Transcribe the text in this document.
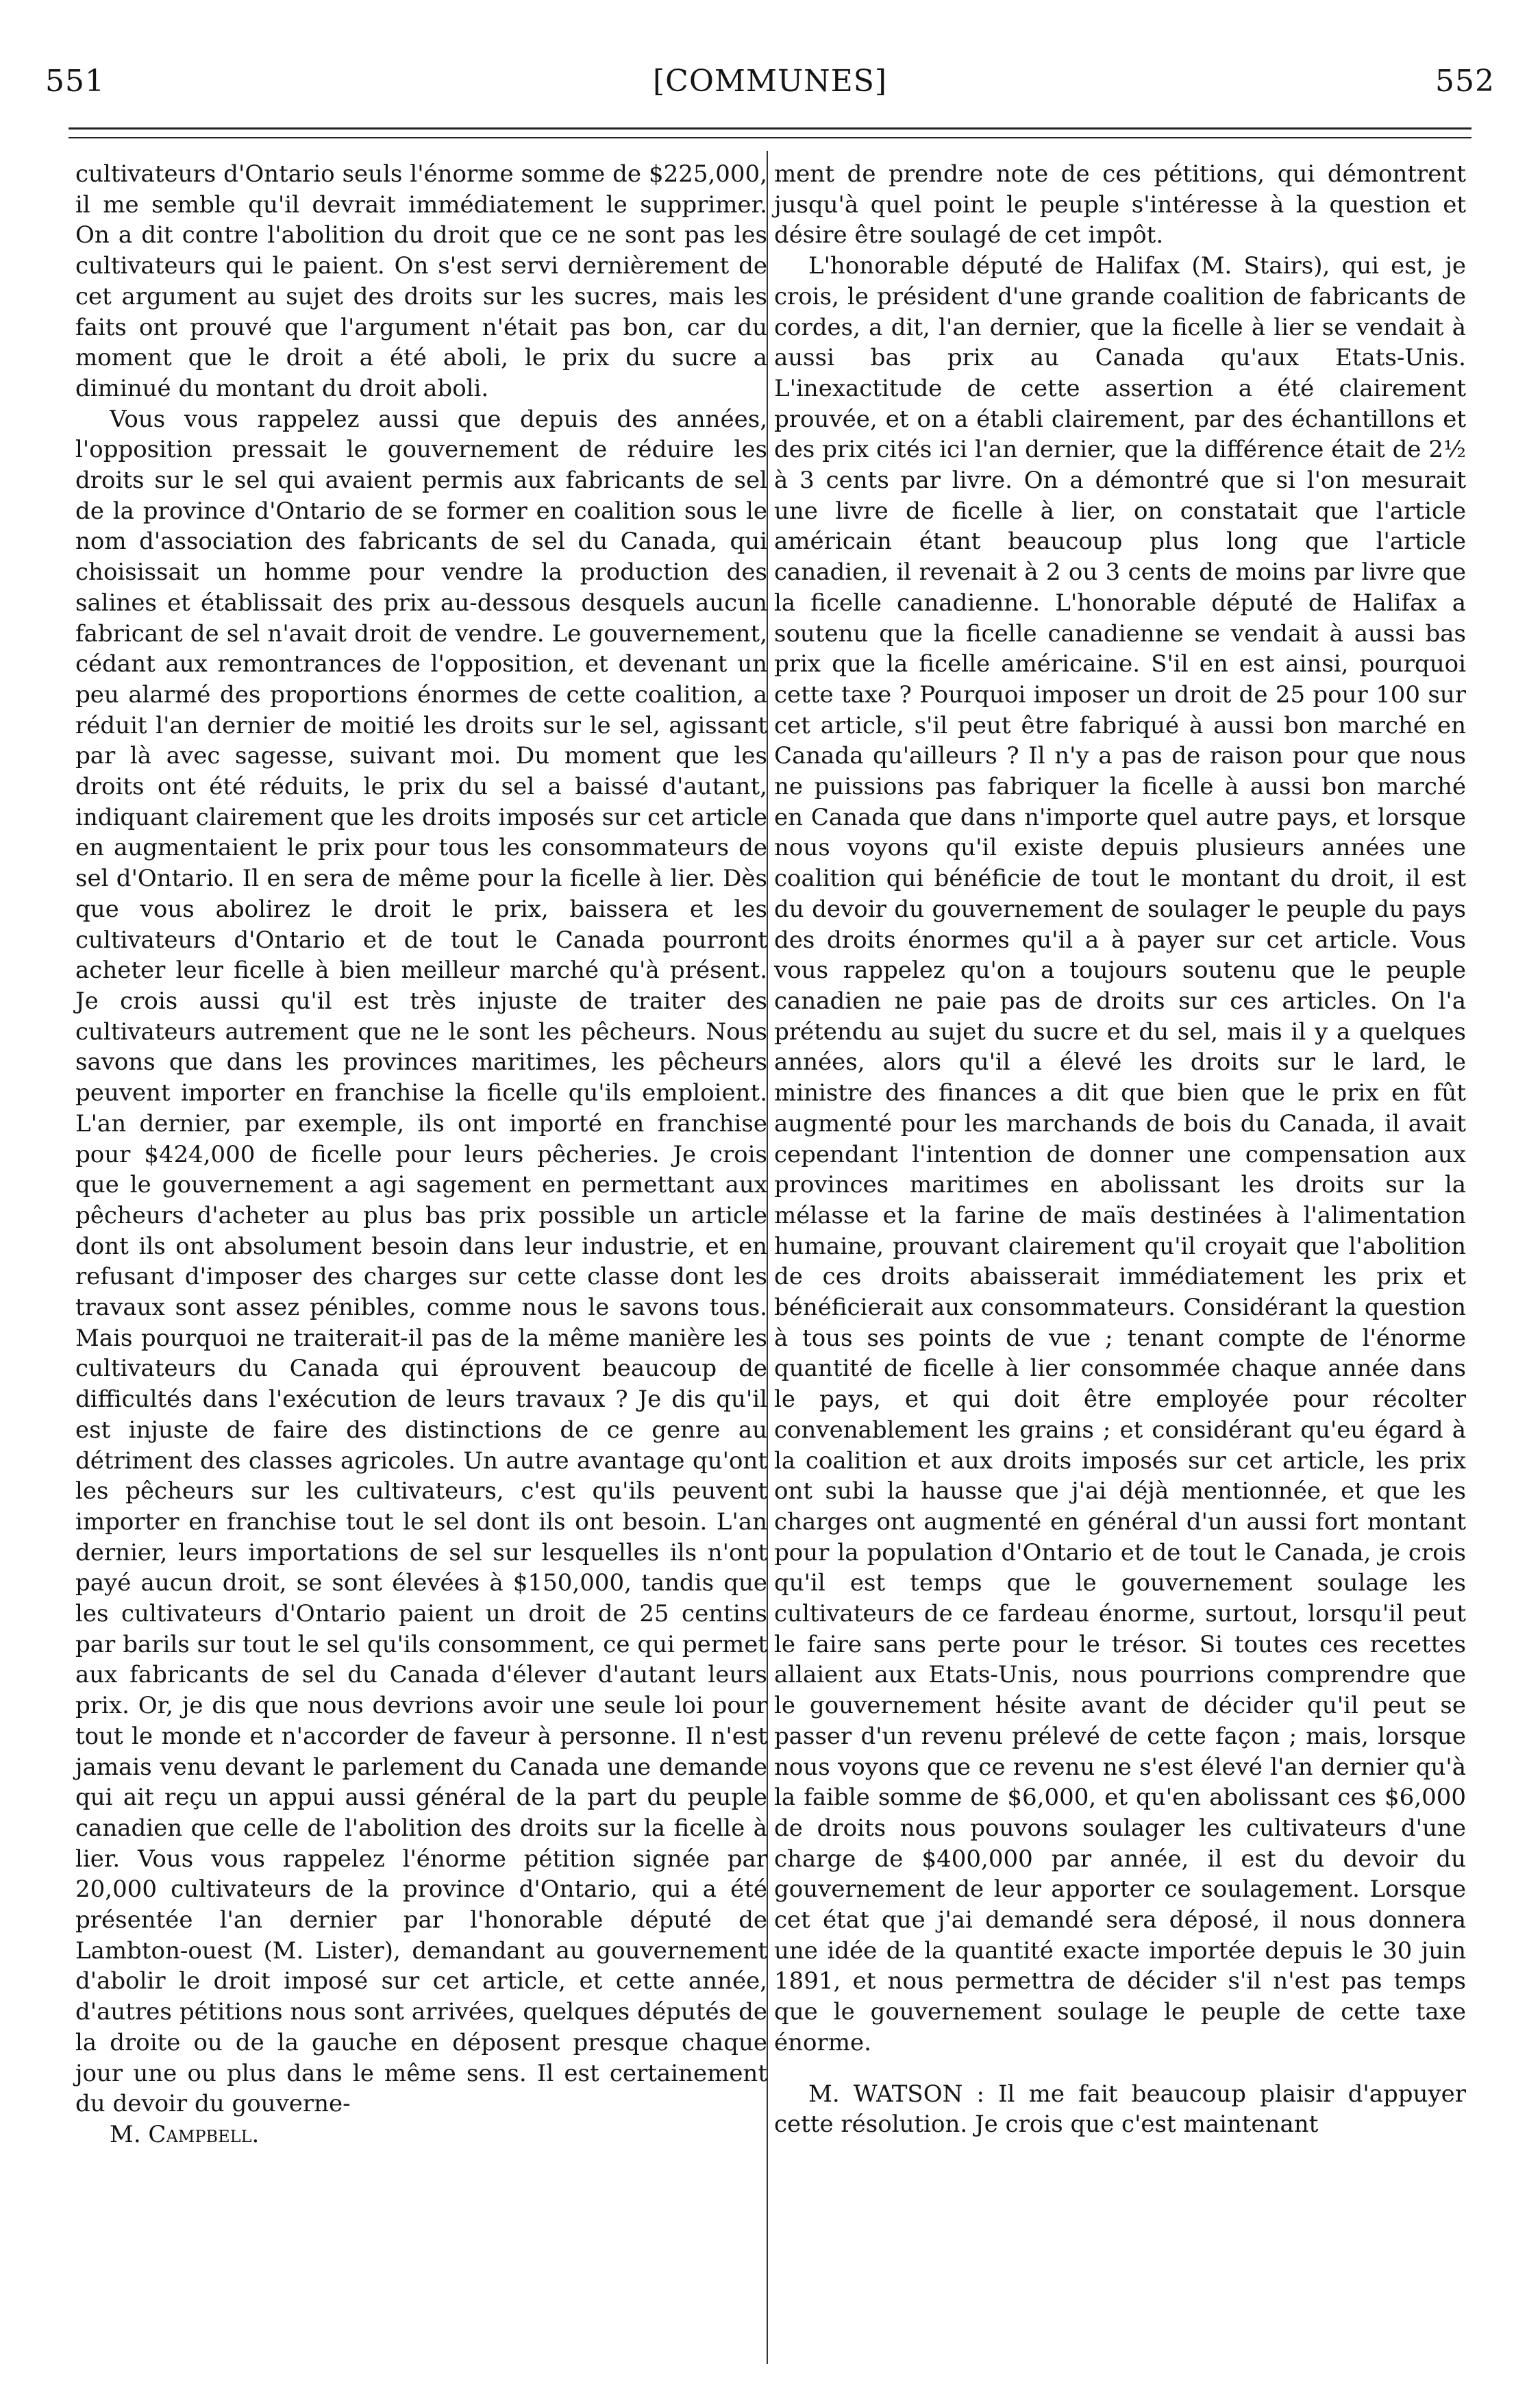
551	[COMMUNES]	552

cultivateurs d'Ontario seuls l'énorme somme de $225,000, il me semble qu'il devrait immédiatement le supprimer. On a dit contre l'abolition du droit que ce ne sont pas les cultivateurs qui le paient. On s'est servi dernièrement de cet argument au sujet des droits sur les sucres, mais les faits ont prouvé que l'argument n'était pas bon, car du moment que le droit a été aboli, le prix du sucre a diminué du montant du droit aboli.

Vous vous rappelez aussi que depuis des années, l'opposition pressait le gouvernement de réduire les droits sur le sel qui avaient permis aux fabricants de sel de la province d'Ontario de se former en coalition sous le nom d'association des fabricants de sel du Canada, qui choisissait un homme pour vendre la production des salines et établissait des prix au-dessous desquels aucun fabricant de sel n'avait droit de vendre. Le gouvernement, cédant aux remontrances de l'opposition, et devenant un peu alarmé des proportions énormes de cette coalition, a réduit l'an dernier de moitié les droits sur le sel, agissant par là avec sagesse, suivant moi. Du moment que les droits ont été réduits, le prix du sel a baissé d'autant, indiquant clairement que les droits imposés sur cet article en augmentaient le prix pour tous les consommateurs de sel d'Ontario. Il en sera de même pour la ficelle à lier. Dès que vous abolirez le droit le prix, baissera et les cultivateurs d'Ontario et de tout le Canada pourront acheter leur ficelle à bien meilleur marché qu'à présent. Je crois aussi qu'il est très injuste de traiter des cultivateurs autrement que ne le sont les pêcheurs. Nous savons que dans les provinces maritimes, les pêcheurs peuvent importer en franchise la ficelle qu'ils emploient. L'an dernier, par exemple, ils ont importé en franchise pour $424,000 de ficelle pour leurs pêcheries. Je crois que le gouvernement a agi sagement en permettant aux pêcheurs d'acheter au plus bas prix possible un article dont ils ont absolument besoin dans leur industrie, et en refusant d'imposer des charges sur cette classe dont les travaux sont assez pénibles, comme nous le savons tous. Mais pourquoi ne traiterait-il pas de la même manière les cultivateurs du Canada qui éprouvent beaucoup de difficultés dans l'exécution de leurs travaux ? Je dis qu'il est injuste de faire des distinctions de ce genre au détriment des classes agricoles. Un autre avantage qu'ont les pêcheurs sur les cultivateurs, c'est qu'ils peuvent importer en franchise tout le sel dont ils ont besoin. L'an dernier, leurs importations de sel sur lesquelles ils n'ont payé aucun droit, se sont élevées à $150,000, tandis que les cultivateurs d'Ontario paient un droit de 25 centins par barils sur tout le sel qu'ils consomment, ce qui permet aux fabricants de sel du Canada d'élever d'autant leurs prix. Or, je dis que nous devrions avoir une seule loi pour tout le monde et n'accorder de faveur à personne. Il n'est jamais venu devant le parlement du Canada une demande qui ait reçu un appui aussi général de la part du peuple canadien que celle de l'abolition des droits sur la ficelle à lier. Vous vous rappelez l'énorme pétition signée par 20,000 cultivateurs de la province d'Ontario, qui a été présentée l'an dernier par l'honorable député de Lambton-ouest (M. Lister), demandant au gouvernement d'abolir le droit imposé sur cet article, et cette année, d'autres pétitions nous sont arrivées, quelques députés de la droite ou de la gauche en déposent presque chaque jour une ou plus dans le même sens. Il est certainement du devoir du gouverne-

M. Campbell.

ment de prendre note de ces pétitions, qui démontrent jusqu'à quel point le peuple s'intéresse à la question et désire être soulagé de cet impôt.

L'honorable député de Halifax (M. Stairs), qui est, je crois, le président d'une grande coalition de fabricants de cordes, a dit, l'an dernier, que la ficelle à lier se vendait à aussi bas prix au Canada qu'aux Etats-Unis. L'inexactitude de cette assertion a été clairement prouvée, et on a établi clairement, par des échantillons et des prix cités ici l'an dernier, que la différence était de 2½ à 3 cents par livre. On a démontré que si l'on mesurait une livre de ficelle à lier, on constatait que l'article américain étant beaucoup plus long que l'article canadien, il revenait à 2 ou 3 cents de moins par livre que la ficelle canadienne. L'honorable député de Halifax a soutenu que la ficelle canadienne se vendait à aussi bas prix que la ficelle américaine. S'il en est ainsi, pourquoi cette taxe ? Pourquoi imposer un droit de 25 pour 100 sur cet article, s'il peut être fabriqué à aussi bon marché en Canada qu'ailleurs ? Il n'y a pas de raison pour que nous ne puissions pas fabriquer la ficelle à aussi bon marché en Canada que dans n'importe quel autre pays, et lorsque nous voyons qu'il existe depuis plusieurs années une coalition qui bénéficie de tout le montant du droit, il est du devoir du gouvernement de soulager le peuple du pays des droits énormes qu'il a à payer sur cet article. Vous vous rappelez qu'on a toujours soutenu que le peuple canadien ne paie pas de droits sur ces articles. On l'a prétendu au sujet du sucre et du sel, mais il y a quelques années, alors qu'il a élevé les droits sur le lard, le ministre des finances a dit que bien que le prix en fût augmenté pour les marchands de bois du Canada, il avait cependant l'intention de donner une compensation aux provinces maritimes en abolissant les droits sur la mélasse et la farine de maïs destinées à l'alimentation humaine, prouvant clairement qu'il croyait que l'abolition de ces droits abaisserait immédiatement les prix et bénéficierait aux consommateurs. Considérant la question à tous ses points de vue ; tenant compte de l'énorme quantité de ficelle à lier consommée chaque année dans le pays, et qui doit être employée pour récolter convenablement les grains ; et considérant qu'eu égard à la coalition et aux droits imposés sur cet article, les prix ont subi la hausse que j'ai déjà mentionnée, et que les charges ont augmenté en général d'un aussi fort montant pour la population d'Ontario et de tout le Canada, je crois qu'il est temps que le gouvernement soulage les cultivateurs de ce fardeau énorme, surtout, lorsqu'il peut le faire sans perte pour le trésor. Si toutes ces recettes allaient aux Etats-Unis, nous pourrions comprendre que le gouvernement hésite avant de décider qu'il peut se passer d'un revenu prélevé de cette façon ; mais, lorsque nous voyons que ce revenu ne s'est élevé l'an dernier qu'à la faible somme de $6,000, et qu'en abolissant ces $6,000 de droits nous pouvons soulager les cultivateurs d'une charge de $400,000 par année, il est du devoir du gouvernement de leur apporter ce soulagement. Lorsque cet état que j'ai demandé sera déposé, il nous donnera une idée de la quantité exacte importée depuis le 30 juin 1891, et nous permettra de décider s'il n'est pas temps que le gouvernement soulage le peuple de cette taxe énorme.

M. WATSON : Il me fait beaucoup plaisir d'appuyer cette résolution. Je crois que c'est maintenant
